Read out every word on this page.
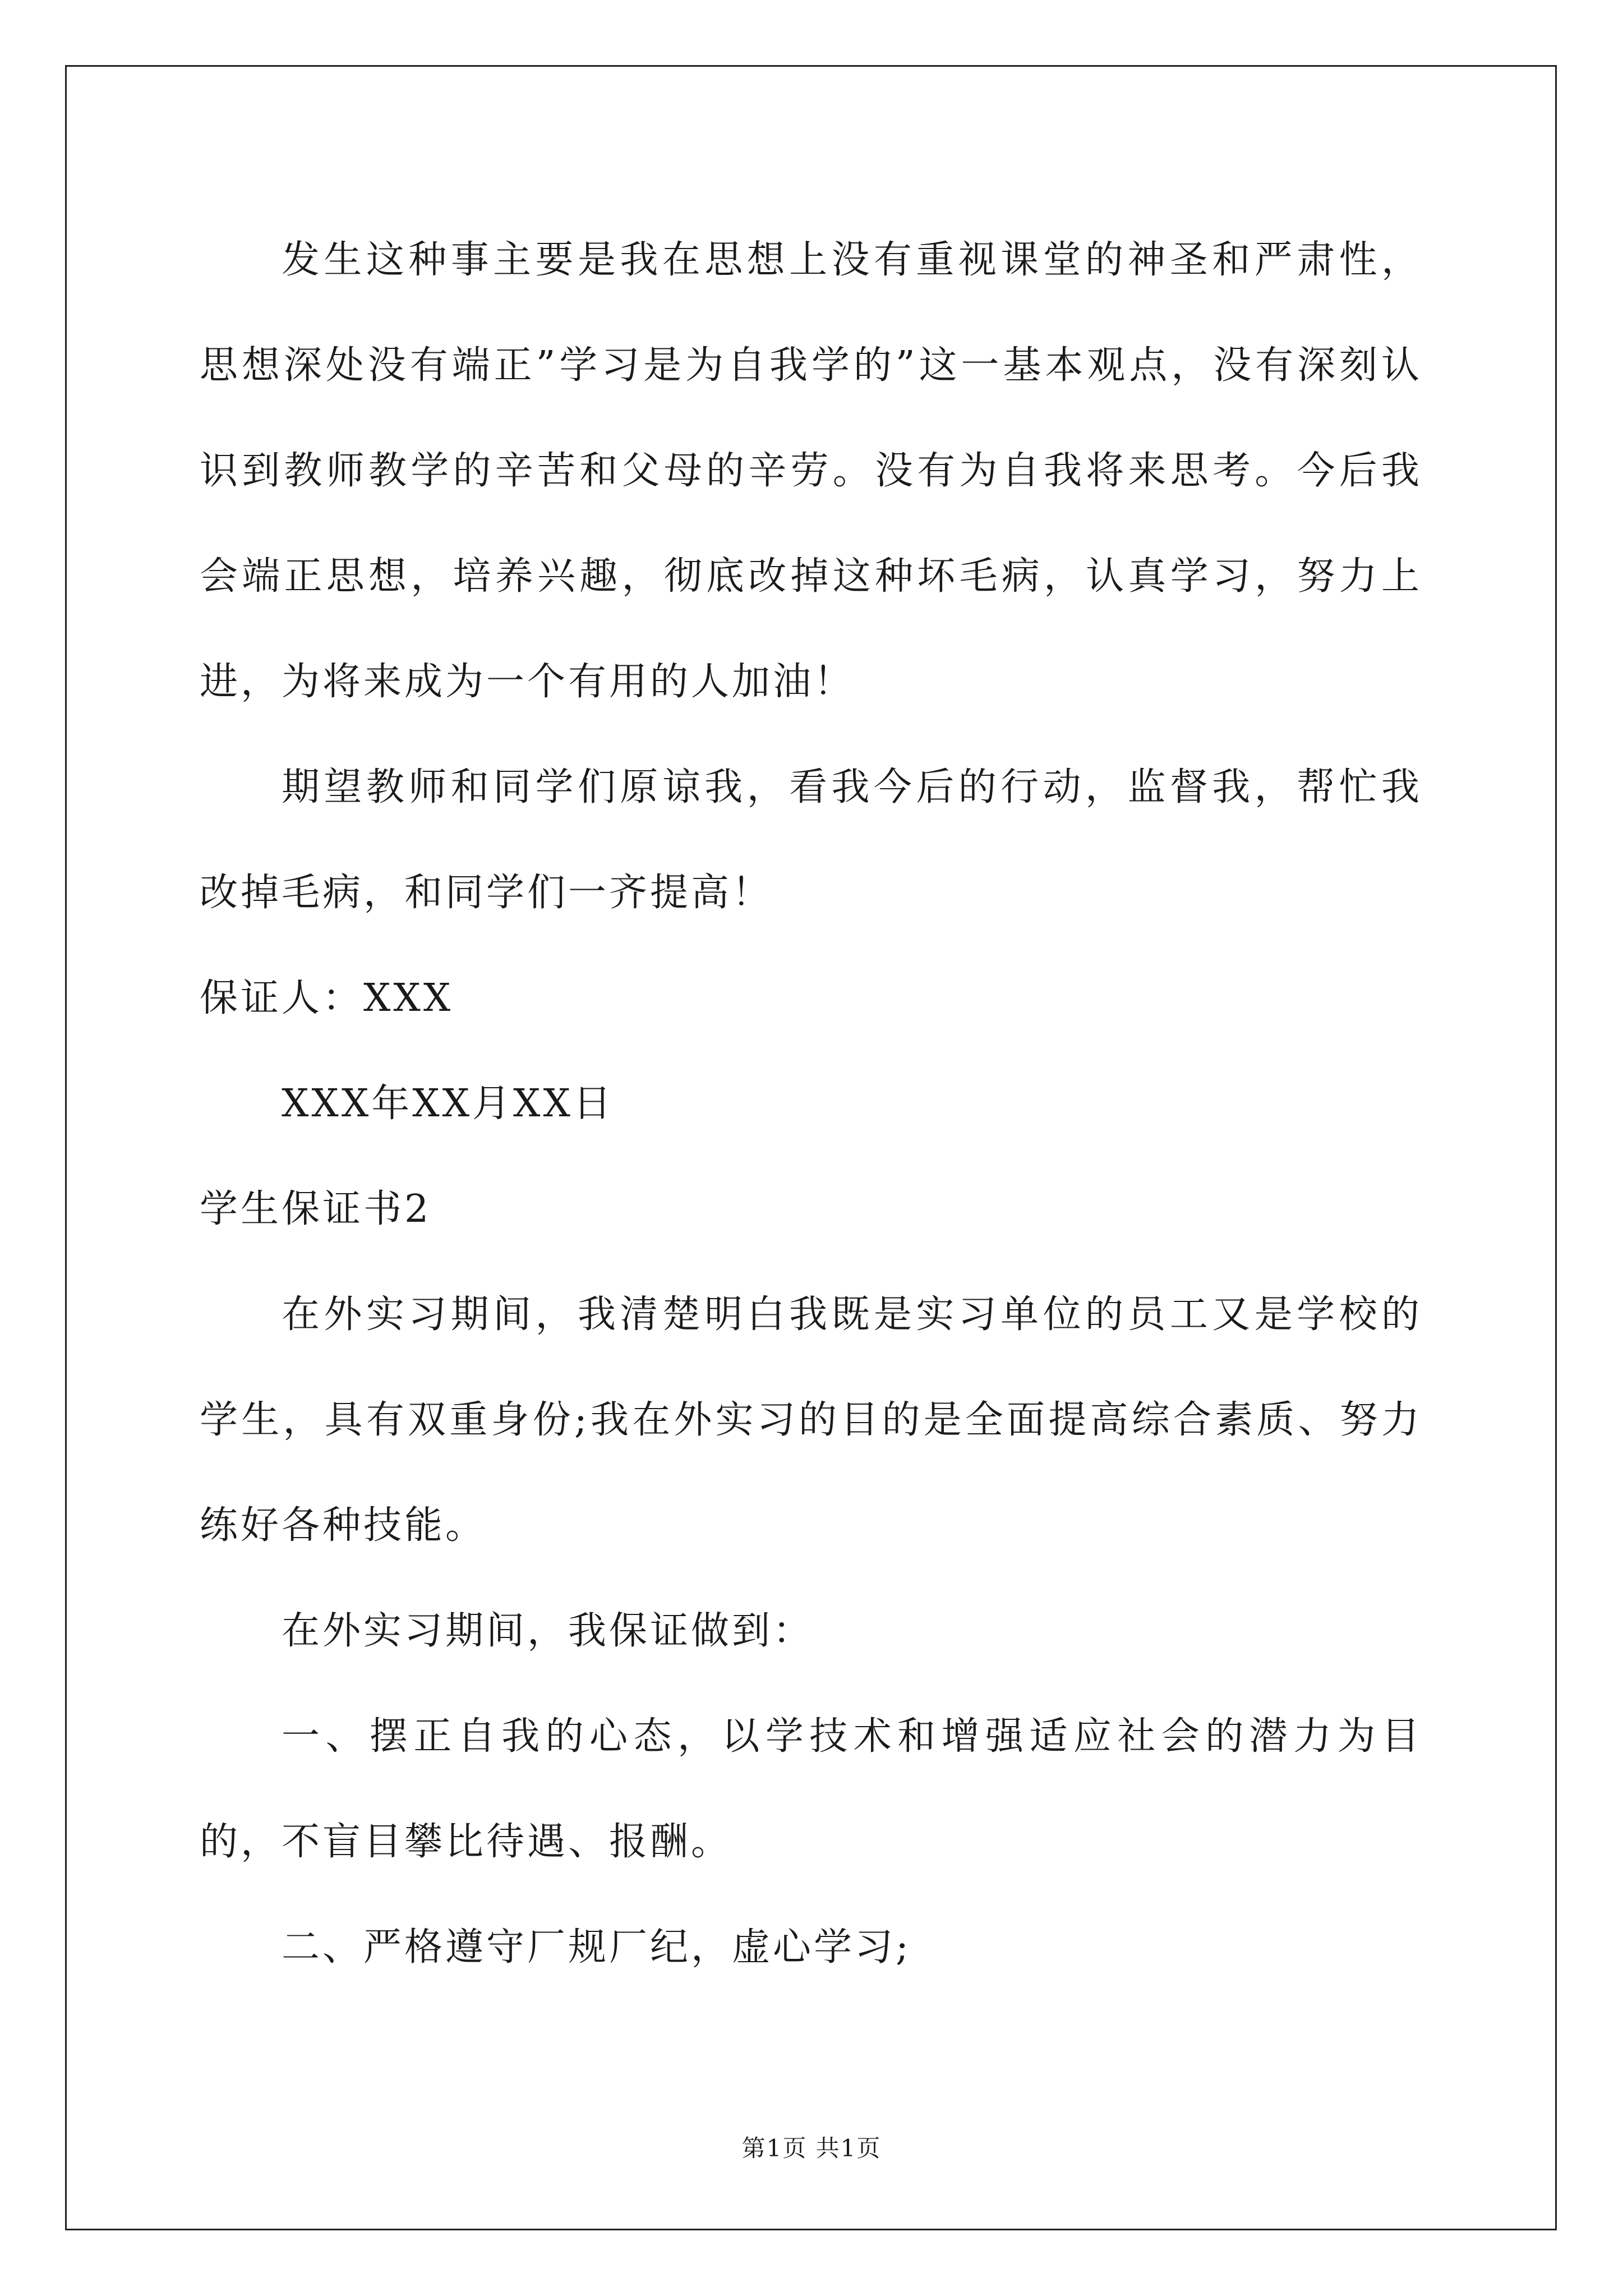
发生这种事主要是我在思想上没有重视课堂的神圣和严肃性，思想深处没有端正”学习是为自我学的”这一基本观点，没有深刻认识到教师教学的辛苦和父母的辛劳。没有为自我将来思考。今后我会端正思想，培养兴趣，彻底改掉这种坏毛病，认真学习，努力上进，为将来成为一个有用的人加油！

期望教师和同学们原谅我，看我今后的行动，监督我，帮忙我改掉毛病，和同学们一齐提高！

保证人：XXX

XXX年XX月XX日

学生保证书2

在外实习期间，我清楚明白我既是实习单位的员工又是学校的学生，具有双重身份;我在外实习的目的是全面提高综合素质、努力练好各种技能。

在外实习期间，我保证做到：

一、摆正自我的心态，以学技术和增强适应社会的潜力为目的，不盲目攀比待遇、报酬。

二、严格遵守厂规厂纪，虚心学习;

第1页 共1页
